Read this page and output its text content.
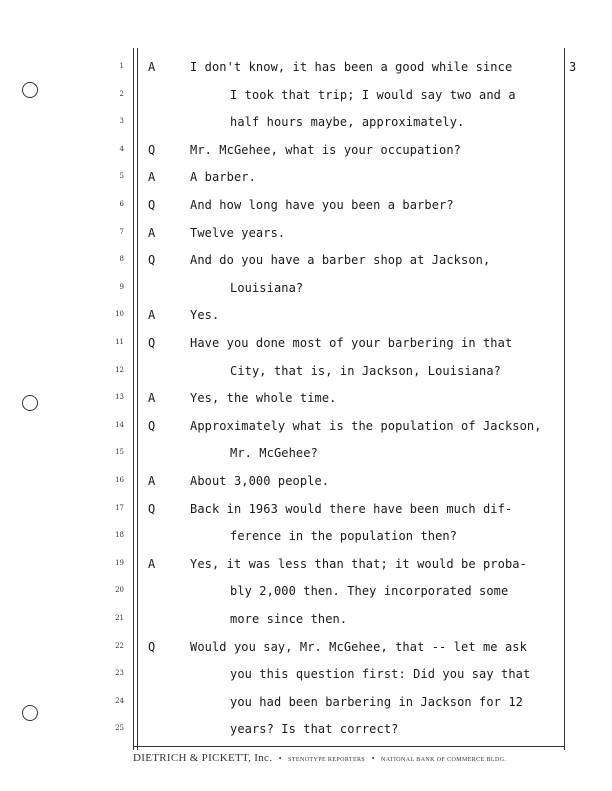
3
1 A	I don't know, it has been a good while since
2	I took that trip; I would say two and a
3	half hours maybe, approximately.
4 Q	Mr. McGehee, what is your occupation?
5 A	A barber.
6 Q	And how long have you been a barber?
7 A	Twelve years.
8 Q	And do you have a barber shop at Jackson,
9	Louisiana?
10 A	Yes.
11 Q	Have you done most of your barbering in that
12	City, that is, in Jackson, Louisiana?
13 A	Yes, the whole time.
14 Q	Approximately what is the population of Jackson,
15	Mr. McGehee?
16 A	About 3,000 people.
17 Q	Back in 1963 would there have been much dif-
18	ference in the population then?
19 A	Yes, it was less than that; it would be proba-
20	bly 2,000 then. They incorporated some
21	more since then.
22 Q	Would you say, Mr. McGehee, that -- let me ask
23	you this question first: Did you say that
24	you had been barbering in Jackson for 12
25	years? Is that correct?
DIETRICH & PICKETT, Inc. • STENOTYPE REPORTERS • NATIONAL BANK OF COMMERCE BLDG.
